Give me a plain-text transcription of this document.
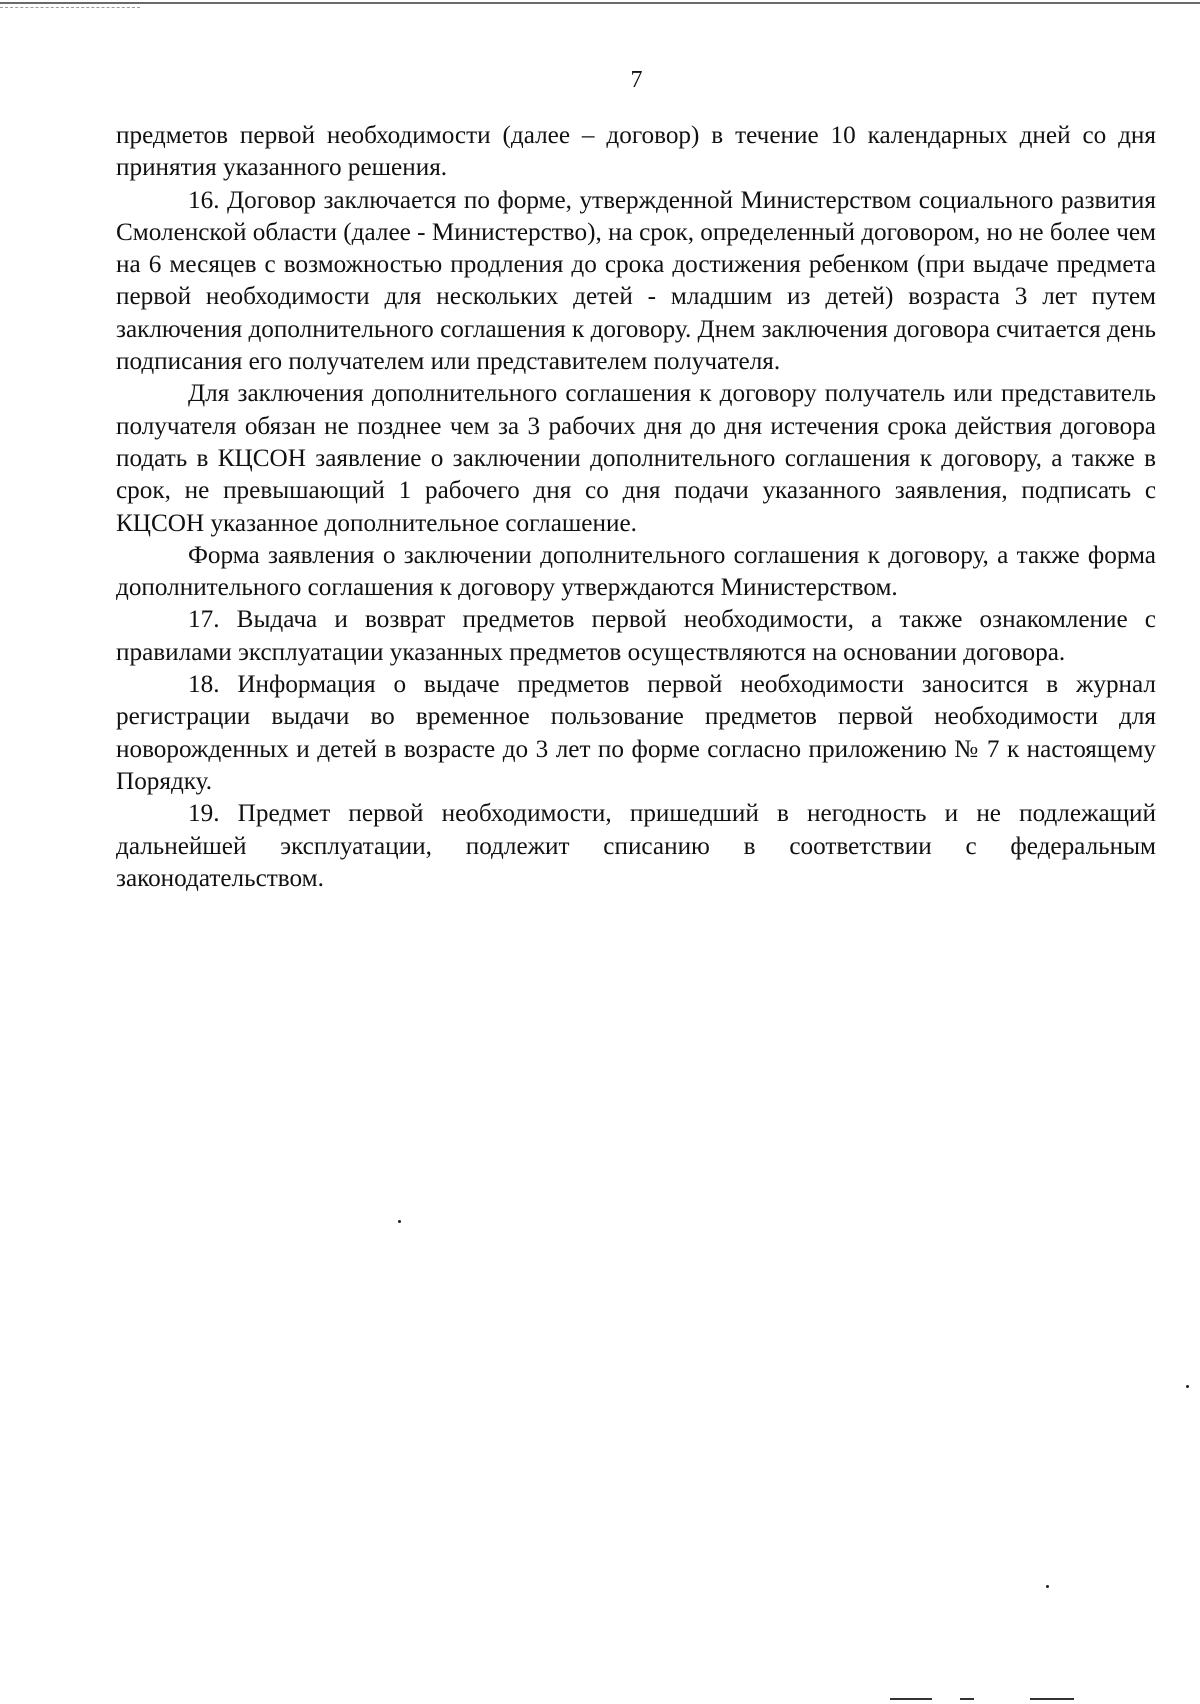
7

предметов первой необходимости (далее – договор) в течение 10 календарных дней со дня принятия указанного решения.

16. Договор заключается по форме, утвержденной Министерством социального развития Смоленской области (далее - Министерство), на срок, определенный договором, но не более чем на 6 месяцев с возможностью продления до срока достижения ребенком (при выдаче предмета первой необходимости для нескольких детей - младшим из детей) возраста 3 лет путем заключения дополнительного соглашения к договору. Днем заключения договора считается день подписания его получателем или представителем получателя.

Для заключения дополнительного соглашения к договору получатель или представитель получателя обязан не позднее чем за 3 рабочих дня до дня истечения срока действия договора подать в КЦСОН заявление о заключении дополнительного соглашения к договору, а также в срок, не превышающий 1 рабочего дня со дня подачи указанного заявления, подписать с КЦСОН указанное дополнительное соглашение.

Форма заявления о заключении дополнительного соглашения к договору, а также форма дополнительного соглашения к договору утверждаются Министерством.

17. Выдача и возврат предметов первой необходимости, а также ознакомление с правилами эксплуатации указанных предметов осуществляются на основании договора.

18. Информация о выдаче предметов первой необходимости заносится в журнал регистрации выдачи во временное пользование предметов первой необходимости для новорожденных и детей в возрасте до 3 лет по форме согласно приложению № 7 к настоящему Порядку.

19. Предмет первой необходимости, пришедший в негодность и не подлежащий дальнейшей эксплуатации, подлежит списанию в соответствии с федеральным законодательством.
